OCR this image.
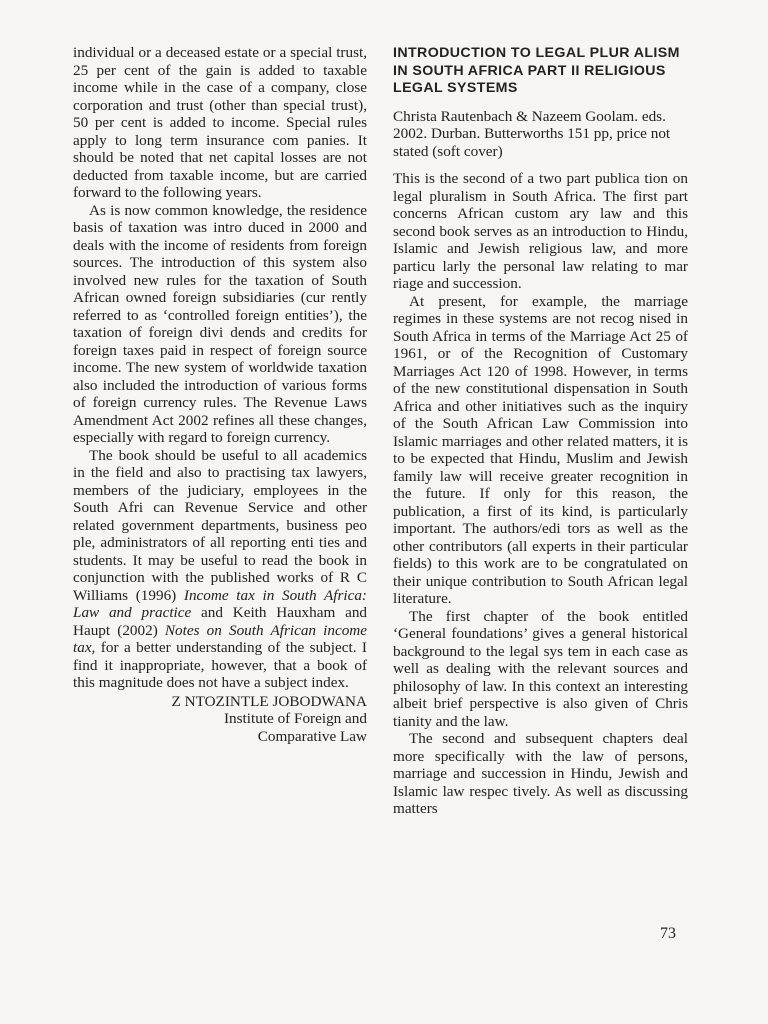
individual or a deceased estate or a special trust, 25 per cent of the gain is added to taxable income while in the case of a company, close corporation and trust (other than special trust), 50 per cent is added to income. Special rules apply to long term insurance com panies. It should be noted that net capital losses are not deducted from taxable income, but are carried forward to the following years.

As is now common knowledge, the residence basis of taxation was intro duced in 2000 and deals with the income of residents from foreign sources. The introduction of this system also involved new rules for the taxation of South African owned foreign subsidiaries (cur rently referred to as ‘controlled foreign entities’), the taxation of foreign divi dends and credits for foreign taxes paid in respect of foreign source income. The new system of worldwide taxation also included the introduction of various forms of foreign currency rules. The Revenue Laws Amendment Act 2002 refines all these changes, especially with regard to foreign currency.

The book should be useful to all academics in the field and also to practising tax lawyers, members of the judiciary, employees in the South Afri can Revenue Service and other related government departments, business peo ple, administrators of all reporting enti ties and students. It may be useful to read the book in conjunction with the published works of R C Williams (1996) Income tax in South Africa: Law and practice and Keith Hauxham and Haupt (2002) Notes on South African income tax, for a better understanding of the subject. I find it inappropriate, however, that a book of this magnitude does not have a subject index.

Z NTOZINTLE JOBODWANA
Institute of Foreign and
Comparative Law
INTRODUCTION TO LEGAL PLUR ALISM IN SOUTH AFRICA PART II RELIGIOUS LEGAL SYSTEMS

Christa Rautenbach & Nazeem Goolam. eds. 2002. Durban. Butterworths 151 pp, price not stated (soft cover)

This is the second of a two part publica tion on legal pluralism in South Africa. The first part concerns African custom ary law and this second book serves as an introduction to Hindu, Islamic and Jewish religious law, and more particu larly the personal law relating to mar riage and succession.

At present, for example, the marriage regimes in these systems are not recog nised in South Africa in terms of the Marriage Act 25 of 1961, or of the Recognition of Customary Marriages Act 120 of 1998. However, in terms of the new constitutional dispensation in South Africa and other initiatives such as the inquiry of the South African Law Commission into Islamic marriages and other related matters, it is to be expected that Hindu, Muslim and Jewish family law will receive greater recognition in the future. If only for this reason, the publication, a first of its kind, is particularly important. The authors/edi tors as well as the other contributors (all experts in their particular fields) to this work are to be congratulated on their unique contribution to South African legal literature.

The first chapter of the book entitled ‘General foundations’ gives a general historical background to the legal sys tem in each case as well as dealing with the relevant sources and philosophy of law. In this context an interesting albeit brief perspective is also given of Chris tianity and the law.

The second and subsequent chapters deal more specifically with the law of persons, marriage and succession in Hindu, Jewish and Islamic law respec tively. As well as discussing matters

73
